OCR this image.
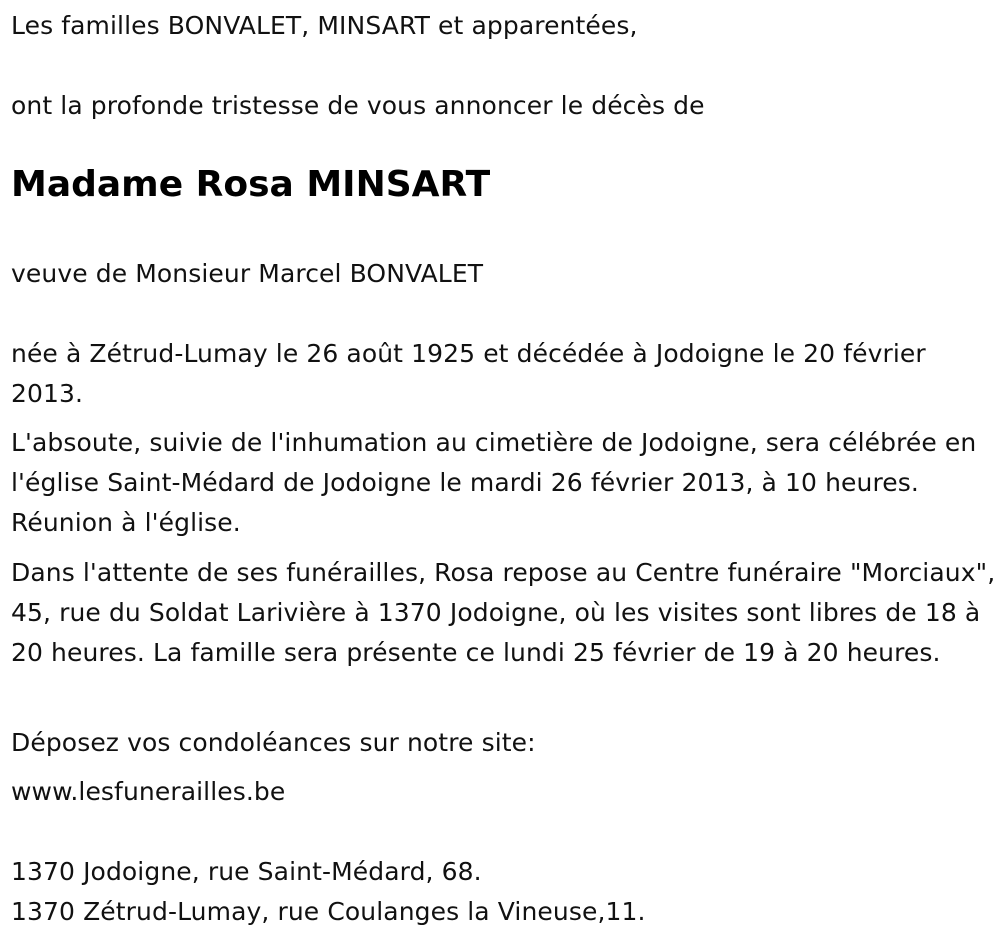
Les familles BONVALET, MINSART et apparentées,
ont la profonde tristesse de vous annoncer le décès de
Madame Rosa MINSART
veuve de Monsieur Marcel BONVALET
née à Zétrud-Lumay le 26 août 1925 et décédée à Jodoigne le 20 février 2013.
L'absoute, suivie de l'inhumation au cimetière de Jodoigne, sera célébrée en l'église Saint-Médard de Jodoigne le mardi 26 février 2013, à 10 heures. Réunion à l'église.
Dans l'attente de ses funérailles, Rosa repose au Centre funéraire "Morciaux", 45, rue du Soldat Larivière à 1370 Jodoigne, où les visites sont libres de 18 à 20 heures. La famille sera présente ce lundi 25 février de 19 à 20 heures.
Déposez vos condoléances sur notre site:
www.lesfunerailles.be
1370 Jodoigne, rue Saint-Médard, 68.
1370 Zétrud-Lumay, rue Coulanges la Vineuse,11.
